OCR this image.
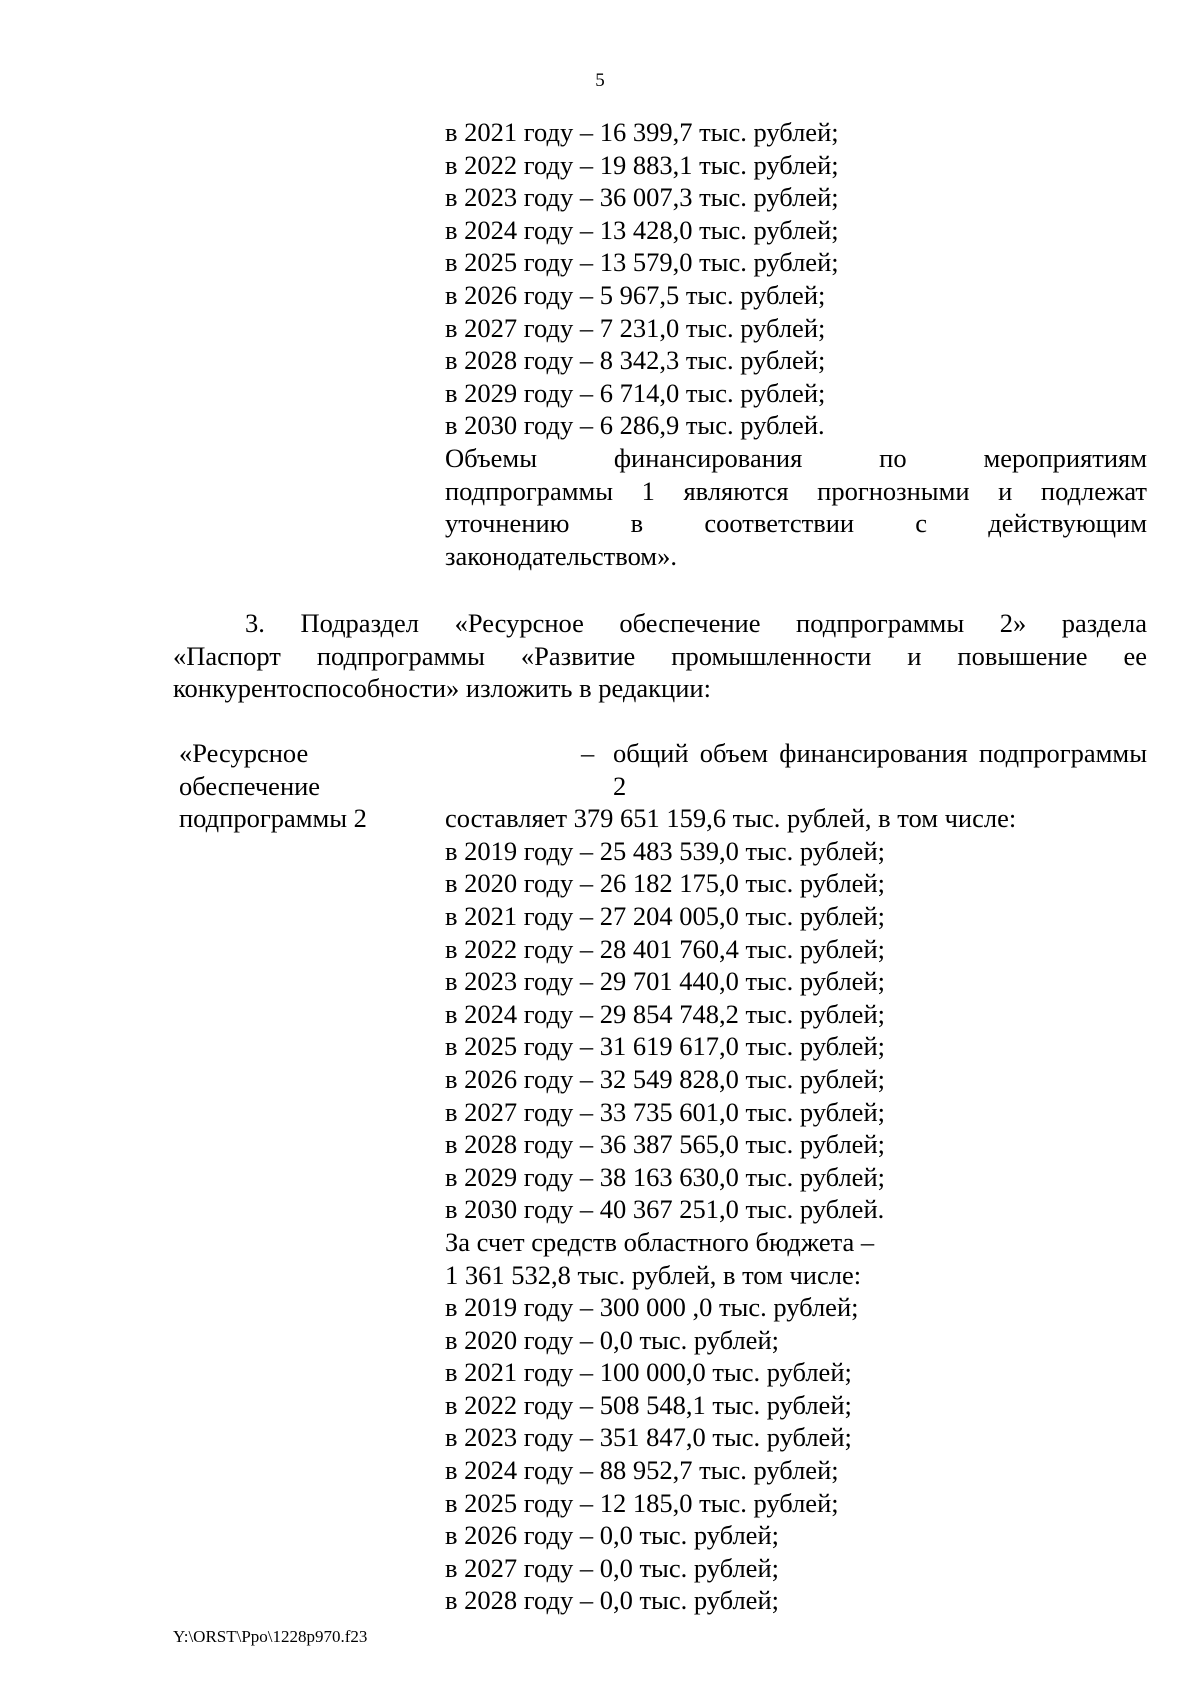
5
в 2021 году – 16 399,7 тыс. рублей;
в 2022 году – 19 883,1 тыс. рублей;
в 2023 году – 36 007,3 тыс. рублей;
в 2024 году – 13 428,0 тыс. рублей;
в 2025 году – 13 579,0 тыс. рублей;
в 2026 году – 5 967,5 тыс. рублей;
в 2027 году – 7 231,0 тыс. рублей;
в 2028 году – 8 342,3 тыс. рублей;
в 2029 году – 6 714,0 тыс. рублей;
в 2030 году – 6 286,9 тыс. рублей.
Объемы финансирования по мероприятиям
подпрограммы 1 являются прогнозными и подлежат
уточнению в соответствии с действующим
законодательством».
3. Подраздел «Ресурсное обеспечение подпрограммы 2» раздела
«Паспорт подпрограммы «Развитие промышленности и повышение ее
конкурентоспособности» изложить в редакции:
«Ресурсное
обеспечение
подпрограммы 2
– общий объем финансирования подпрограммы 2
составляет 379 651 159,6 тыс. рублей, в том числе:
в 2019 году – 25 483 539,0 тыс. рублей;
в 2020 году – 26 182 175,0 тыс. рублей;
в 2021 году – 27 204 005,0 тыс. рублей;
в 2022 году – 28 401 760,4 тыс. рублей;
в 2023 году – 29 701 440,0 тыс. рублей;
в 2024 году – 29 854 748,2 тыс. рублей;
в 2025 году – 31 619 617,0 тыс. рублей;
в 2026 году – 32 549 828,0 тыс. рублей;
в 2027 году – 33 735 601,0 тыс. рублей;
в 2028 году – 36 387 565,0 тыс. рублей;
в 2029 году – 38 163 630,0 тыс. рублей;
в 2030 году – 40 367 251,0 тыс. рублей.
За счет средств областного бюджета –
1 361 532,8 тыс. рублей, в том числе:
в 2019 году – 300 000 ,0 тыс. рублей;
в 2020 году – 0,0 тыс. рублей;
в 2021 году – 100 000,0 тыс. рублей;
в 2022 году – 508 548,1 тыс. рублей;
в 2023 году – 351 847,0 тыс. рублей;
в 2024 году – 88 952,7 тыс. рублей;
в 2025 году – 12 185,0 тыс. рублей;
в 2026 году – 0,0 тыс. рублей;
в 2027 году – 0,0 тыс. рублей;
в 2028 году – 0,0 тыс. рублей;
Y:\ORST\Ppo\1228p970.f23
